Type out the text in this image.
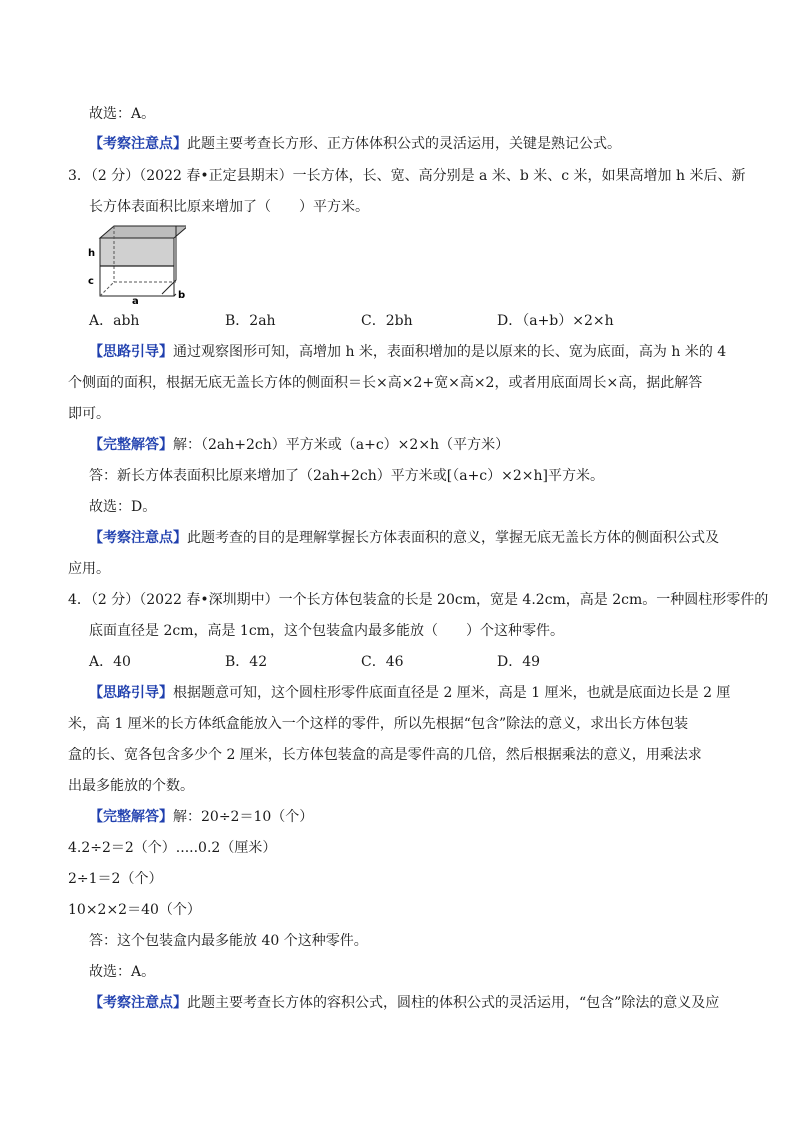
故选：A。
【考察注意点】此题主要考查长方形、正方体体积公式的灵活运用，关键是熟记公式。
3．（2 分）（2022 春•正定县期末）一长方体，长、宽、高分别是 a 米、b 米、c 米，如果高增加 h 米后、新
长方体表面积比原来增加了（　　）平方米。
h
c
a
b
A．abh	B．2ah	C．2bh	D．（a+b）×2×h
【思路引导】通过观察图形可知，高增加 h 米，表面积增加的是以原来的长、宽为底面，高为 h 米的 4
个侧面的面积，根据无底无盖长方体的侧面积＝长×高×2+宽×高×2，或者用底面周长×高，据此解答
即可。
【完整解答】解：（2ah+2ch）平方米或（a+c）×2×h（平方米）
答：新长方体表面积比原来增加了（2ah+2ch）平方米或[（a+c）×2×h]平方米。
故选：D。
【考察注意点】此题考查的目的是理解掌握长方体表面积的意义，掌握无底无盖长方体的侧面积公式及
应用。
4．（2 分）（2022 春•深圳期中）一个长方体包装盒的长是 20cm，宽是 4.2cm，高是 2cm。一种圆柱形零件的
底面直径是 2cm，高是 1cm，这个包装盒内最多能放（　　）个这种零件。
A．40	B．42	C．46	D．49
【思路引导】根据题意可知，这个圆柱形零件底面直径是 2 厘米，高是 1 厘米，也就是底面边长是 2 厘
米，高 1 厘米的长方体纸盒能放入一个这样的零件，所以先根据“包含”除法的意义，求出长方体包装
盒的长、宽各包含多少个 2 厘米，长方体包装盒的高是零件高的几倍，然后根据乘法的意义，用乘法求
出最多能放的个数。
【完整解答】解：20÷2＝10（个）
4.2÷2＝2（个）.....0.2（厘米）
2÷1＝2（个）
10×2×2＝40（个）
答：这个包装盒内最多能放 40 个这种零件。
故选：A。
【考察注意点】此题主要考查长方体的容积公式，圆柱的体积公式的灵活运用，“包含”除法的意义及应
